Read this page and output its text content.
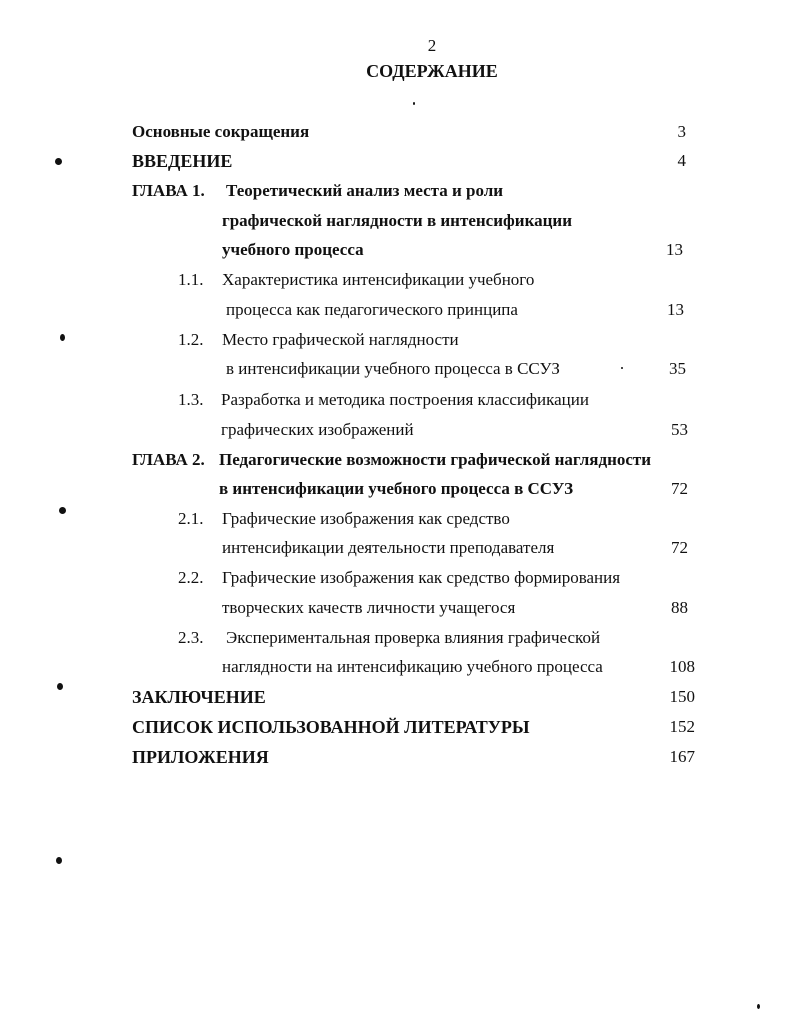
2
СОДЕРЖАНИЕ
Основные сокращения	3
ВВЕДЕНИЕ	4
ГЛАВА 1. Теоретический анализ места и роли
графической наглядности в интенсификации
учебного процесса	13
1.1. Характеристика интенсификации учебного
процесса как педагогического принципа	13
1.2. Место графической наглядности
в интенсификации учебного процесса в ССУЗ	35
1.3. Разработка и методика построения классификации
графических изображений	53
ГЛАВА 2. Педагогические возможности графической наглядности
в интенсификации учебного процесса в ССУЗ	72
2.1. Графические изображения как средство
интенсификации деятельности преподавателя	72
2.2. Графические изображения как средство формирования
творческих качеств личности учащегося	88
2.3. Экспериментальная проверка влияния графической
наглядности на интенсификацию учебного процесса	108
ЗАКЛЮЧЕНИЕ	150
СПИСОК ИСПОЛЬЗОВАННОЙ ЛИТЕРАТУРЫ	152
ПРИЛОЖЕНИЯ	167
